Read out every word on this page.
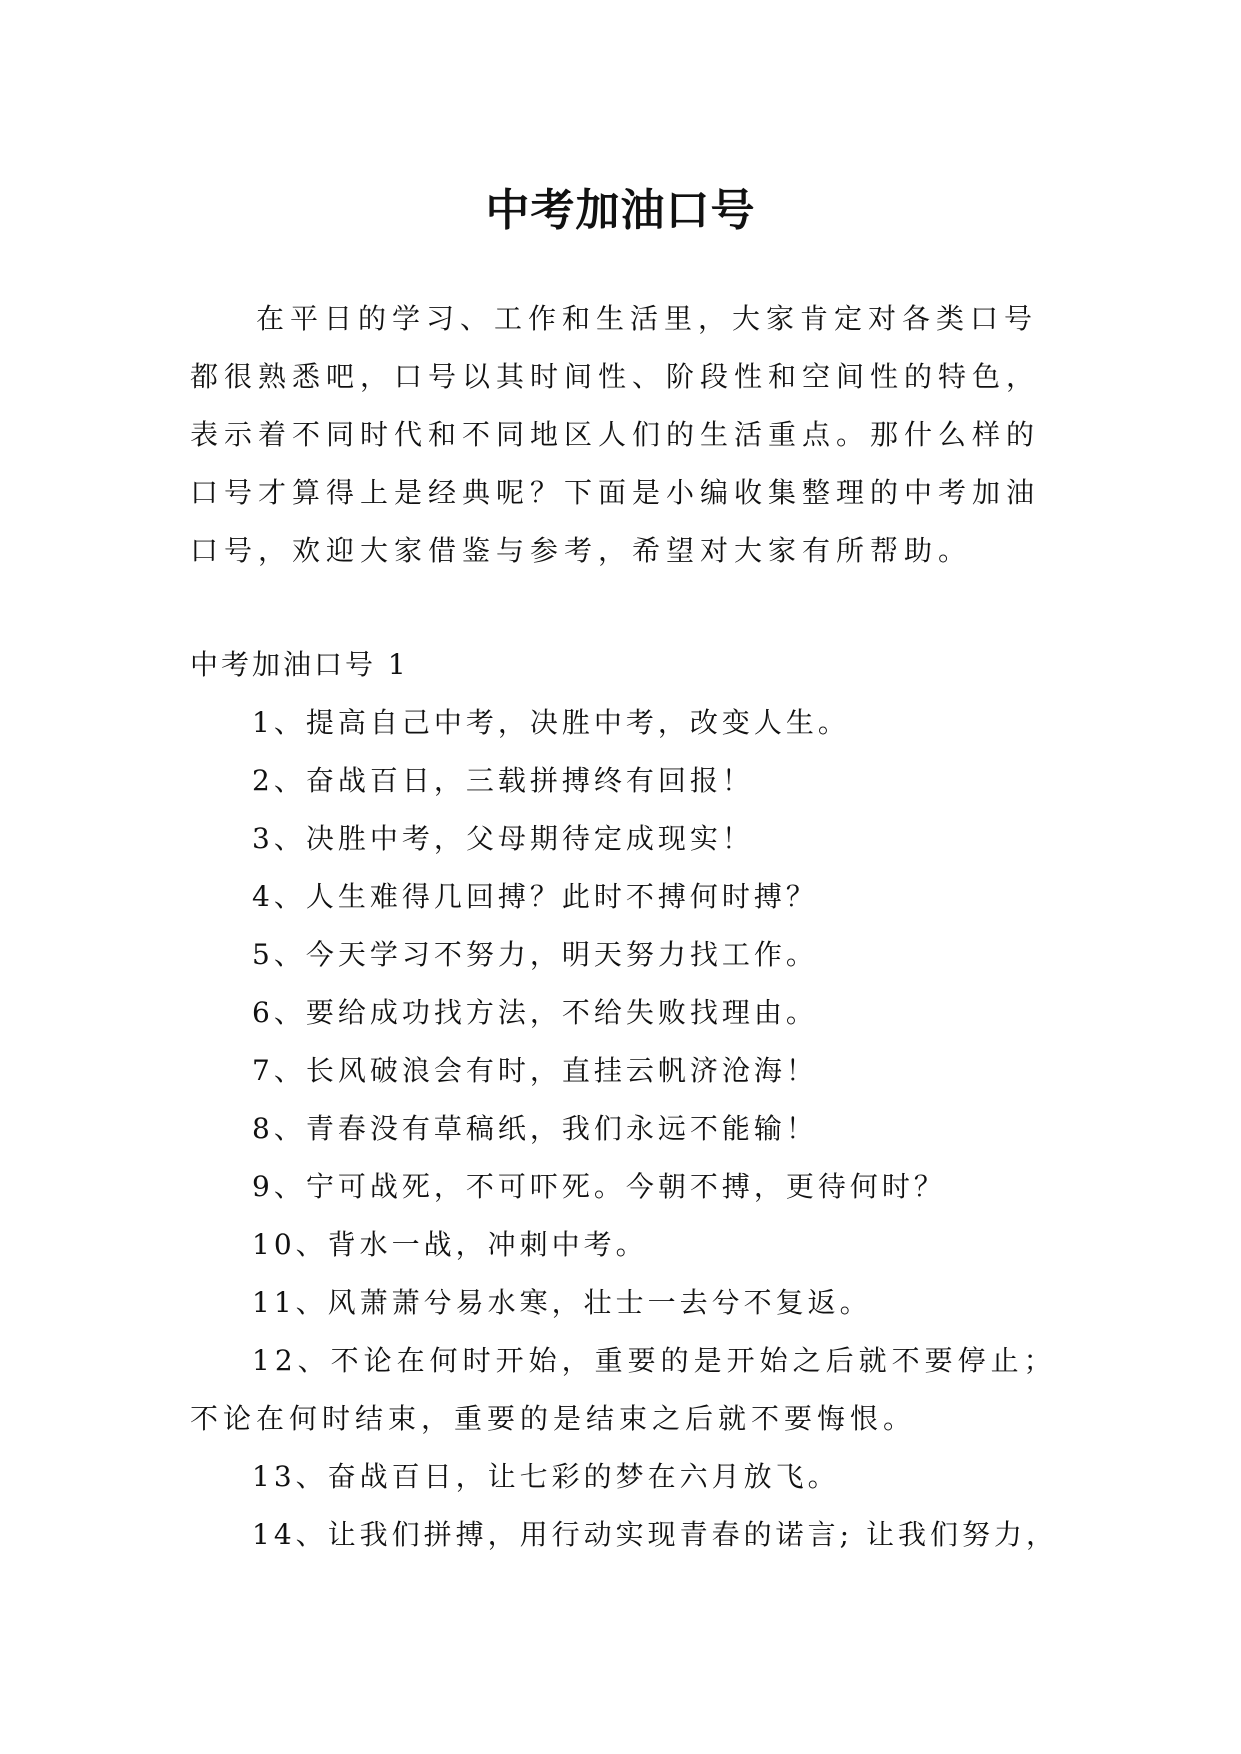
中考加油口号

在平日的学习、工作和生活里，大家肯定对各类口号都很熟悉吧，口号以其时间性、阶段性和空间性的特色，表示着不同时代和不同地区人们的生活重点。那什么样的口号才算得上是经典呢？下面是小编收集整理的中考加油口号，欢迎大家借鉴与参考，希望对大家有所帮助。

中考加油口号 1

1、提高自己中考，决胜中考，改变人生。
2、奋战百日，三载拼搏终有回报！
3、决胜中考，父母期待定成现实！
4、人生难得几回搏？此时不搏何时搏？
5、今天学习不努力，明天努力找工作。
6、要给成功找方法，不给失败找理由。
7、长风破浪会有时，直挂云帆济沧海！
8、青春没有草稿纸，我们永远不能输！
9、宁可战死，不可吓死。今朝不搏，更待何时？
10、背水一战，冲刺中考。
11、风萧萧兮易水寒，壮士一去兮不复返。
12、不论在何时开始，重要的是开始之后就不要停止；不论在何时结束，重要的是结束之后就不要悔恨。
13、奋战百日，让七彩的梦在六月放飞。
14、让我们拼搏，用行动实现青春的诺言; 让我们努力，
